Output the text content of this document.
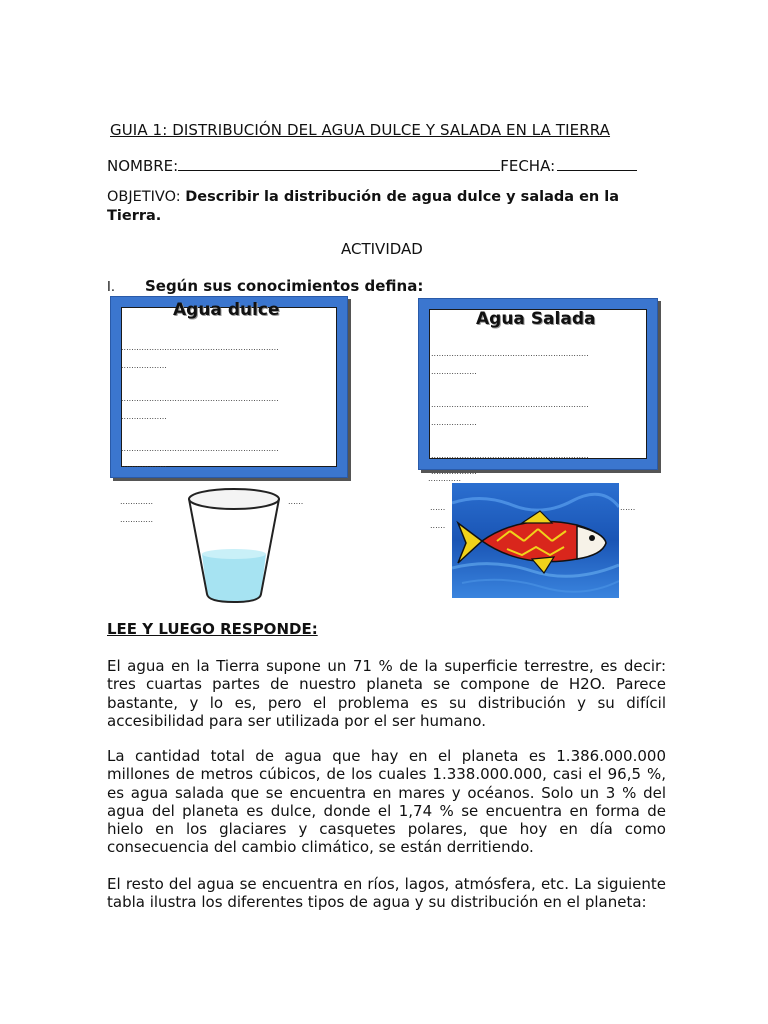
GUIA 1: DISTRIBUCIÓN DEL AGUA DULCE Y SALADA EN LA TIERRA
NOMBRE:	FECHA:
OBJETIVO: Describir la distribución de agua dulce y salada en la Tierra.
ACTIVIDAD
I. Según sus conocimientos defina:
Agua dulce
..............................................................
..................
..............................................................
..................
..............................................................
..................
Agua Salada
..............................................................
..................
..............................................................
..................
..............................................................
..................
.............
.............
......
.............
......
......
......
LEE Y LUEGO RESPONDE:
El agua en la Tierra supone un 71 % de la superficie terrestre, es decir: tres cuartas partes de nuestro planeta se compone de H2O. Parece bastante, y lo es, pero el problema es su distribución y su difícil accesibilidad para ser utilizada por el ser humano.
La cantidad total de agua que hay en el planeta es 1.386.000.000 millones de metros cúbicos, de los cuales 1.338.000.000, casi el 96,5 %, es agua salada que se encuentra en mares y océanos. Solo un 3 % del agua del planeta es dulce, donde el 1,74 % se encuentra en forma de hielo en los glaciares y casquetes polares, que hoy en día como consecuencia del cambio climático, se están derritiendo.
El resto del agua se encuentra en ríos, lagos, atmósfera, etc. La siguiente tabla ilustra los diferentes tipos de agua y su distribución en el planeta:
